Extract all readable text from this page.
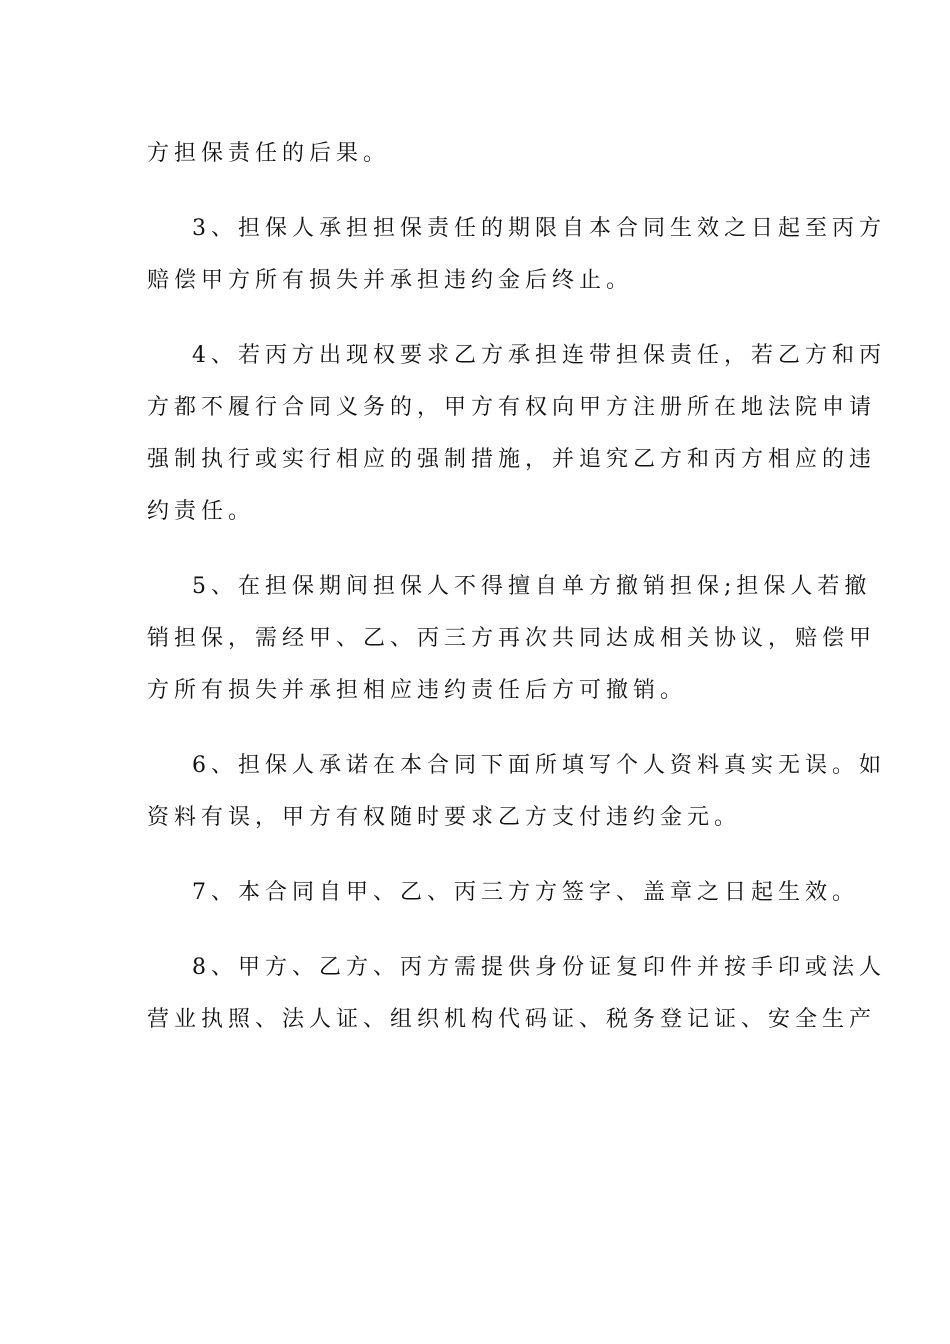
方担保责任的后果。
3、担保人承担担保责任的期限自本合同生效之日起至丙方
赔偿甲方所有损失并承担违约金后终止。
4、若丙方出现权要求乙方承担连带担保责任，若乙方和丙
方都不履行合同义务的，甲方有权向甲方注册所在地法院申请
强制执行或实行相应的强制措施，并追究乙方和丙方相应的违
约责任。
5、在担保期间担保人不得擅自单方撤销担保;担保人若撤
销担保，需经甲、乙、丙三方再次共同达成相关协议，赔偿甲
方所有损失并承担相应违约责任后方可撤销。
6、担保人承诺在本合同下面所填写个人资料真实无误。如
资料有误，甲方有权随时要求乙方支付违约金元。
7、本合同自甲、乙、丙三方方签字、盖章之日起生效。
8、甲方、乙方、丙方需提供身份证复印件并按手印或法人
营业执照、法人证、组织机构代码证、税务登记证、安全生产
